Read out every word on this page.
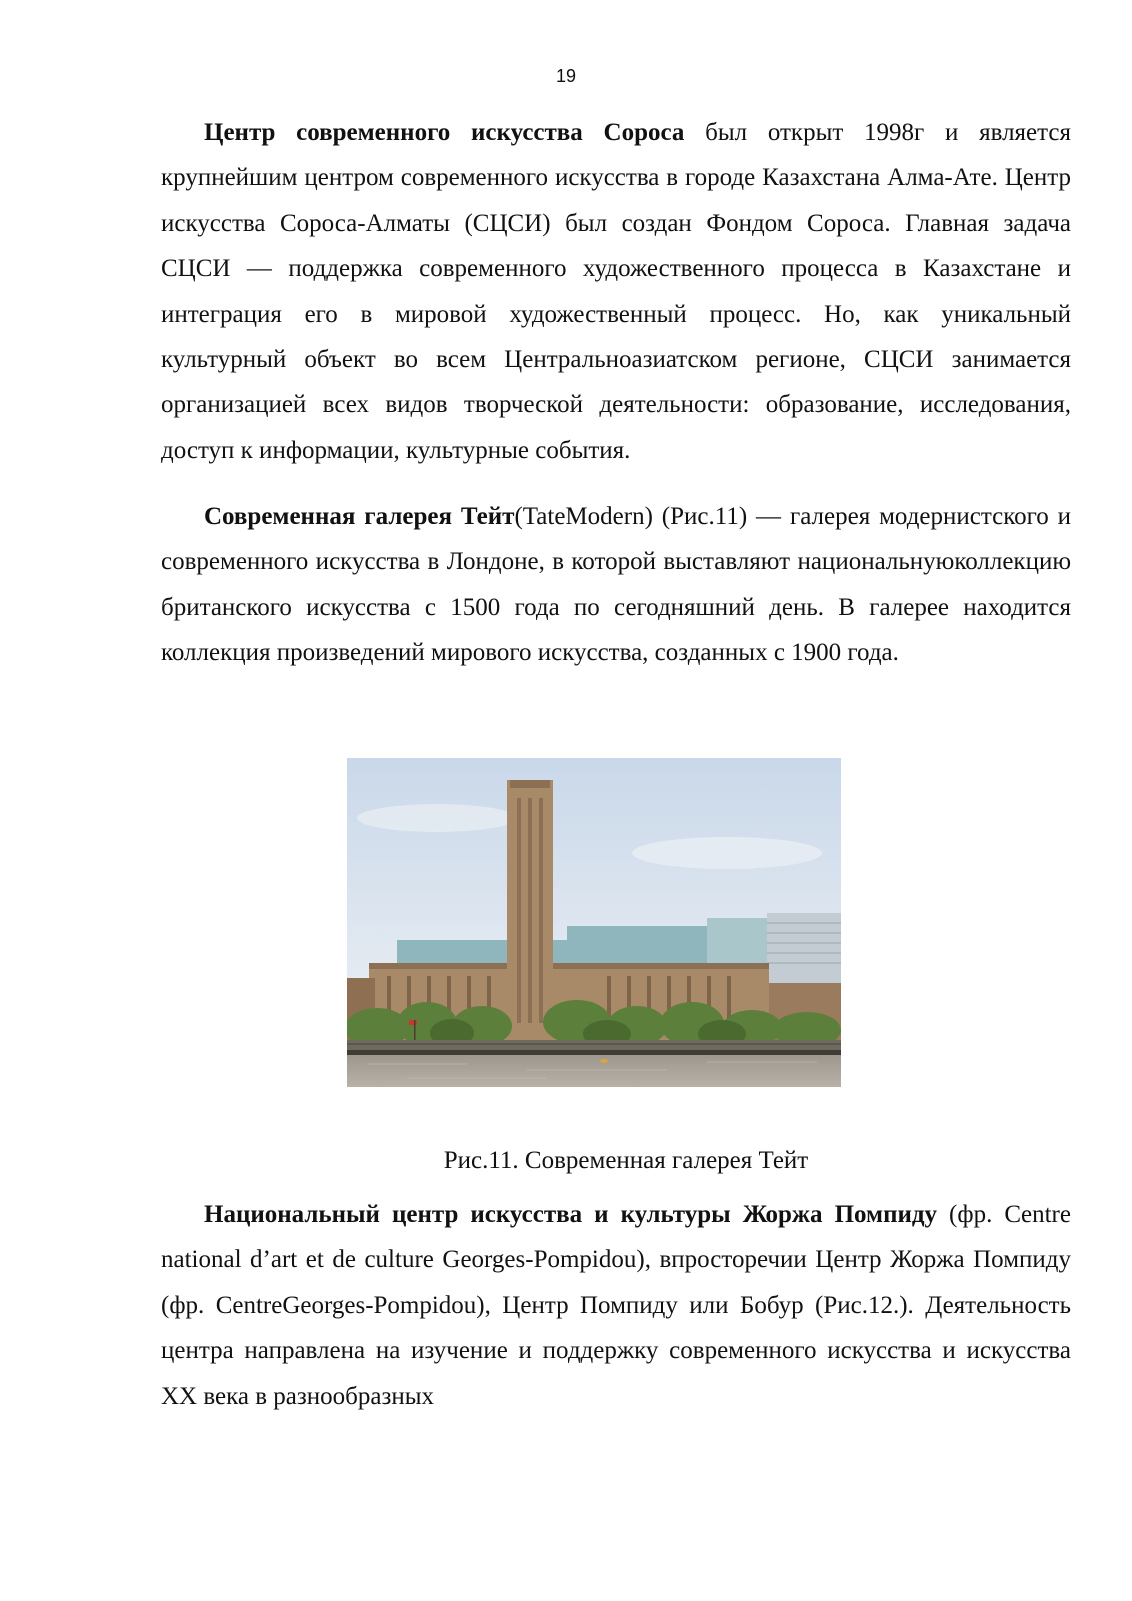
19

Центр современного искусства Сороса был открыт 1998г и является крупнейшим центром современного искусства в городе Казахстана Алма-Ате. Центр искусства Сороса-Алматы (СЦСИ) был создан Фондом Сороса. Главная задача СЦСИ — поддержка современного художественного процесса в Казахстане и интеграция его в мировой художественный процесс. Но, как уникальный культурный объект во всем Центральноазиатском регионе, СЦСИ занимается организацией всех видов творческой деятельности: образование, исследования, доступ к информации, культурные события.

Современная галерея Тейт(TateModern) (Рис.11) — галерея модернистского и современного искусства в Лондоне, в которой выставляют национальнуюколлекцию британского искусства с 1500 года по сегодняшний день. В галерее находится коллекция произведений мирового искусства, созданных с 1900 года.

Рис.11. Современная галерея Тейт

Национальный центр искусства и культуры Жоржа Помпиду (фр. Centre national d’art et de culture Georges-Pompidou), впросторечии Центр Жоржа Помпиду (фр. CentreGeorges-Pompidou), Центр Помпиду или Бобур (Рис.12.). Деятельность центра направлена на изучение и поддержку современного искусства и искусства XX века в разнообразных
